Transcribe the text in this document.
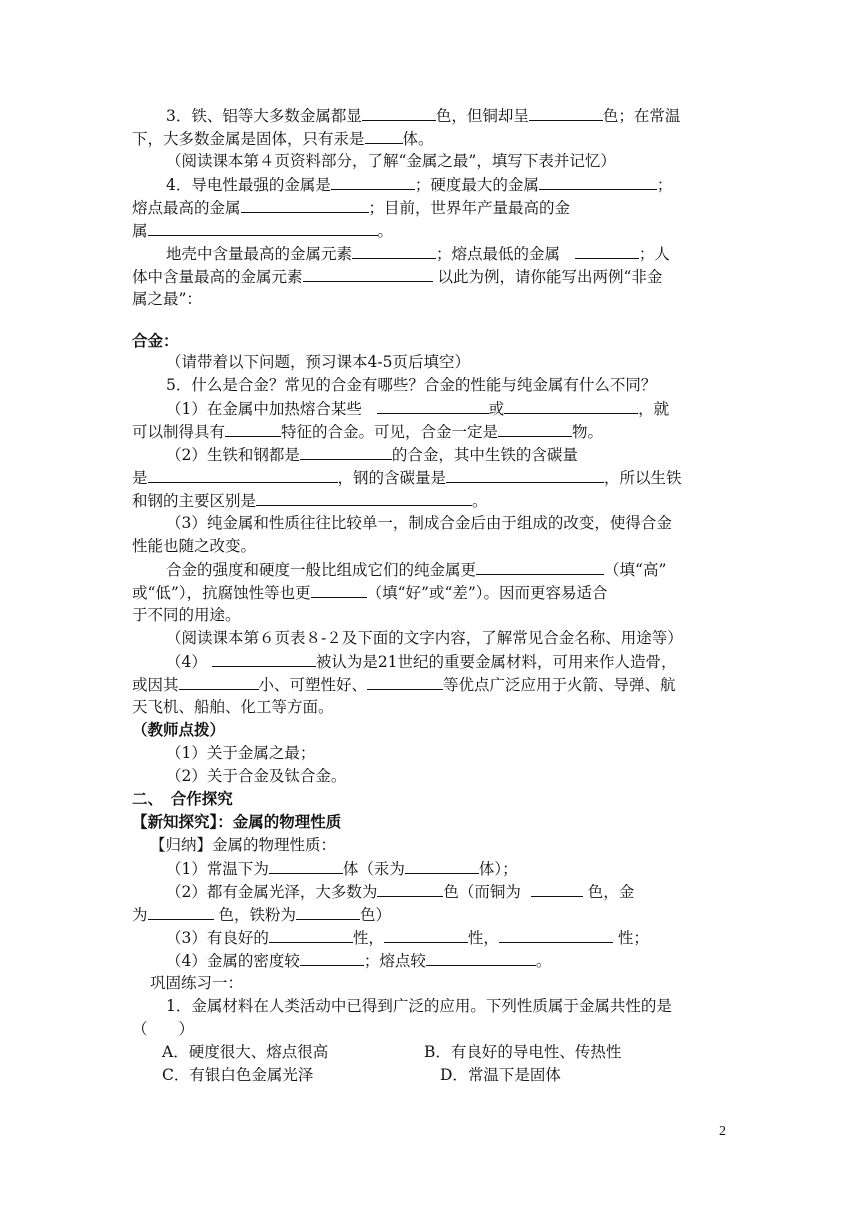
3．铁、铝等大多数金属都显	色，但铜却呈	色；在常温
下，大多数金属是固体，只有汞是 体。
（阅读课本第４页资料部分，了解“金属之最”，填写下表并记忆）
4．导电性最强的金属是	；硬度最大的金属	；
熔点最高的金属	；目前，世界年产量最高的金
属	。
地壳中含量最高的金属元素	；熔点最低的金属	；人
体中含量最高的金属元素	以此为例，请你能写出两例“非金
属之最”：
合金：
（请带着以下问题，预习课本4-5页后填空）
5．什么是合金？常见的合金有哪些？合金的性能与纯金属有什么不同？
（1）在金属中加热熔合某些	或	，就
可以制得具有	特征的合金。可见，合金一定是	物。
（2）生铁和钢都是	的合金，其中生铁的含碳量
是	，钢的含碳量是	，所以生铁
和钢的主要区别是	。
（3）纯金属和性质往往比较单一，制成合金后由于组成的改变，使得合金
性能也随之改变。
合金的强度和硬度一般比组成它们的纯金属更	（填“高”
或“低”），抗腐蚀性等也更	（填“好”或“差”）。因而更容易适合
于不同的用途。
（阅读课本第６页表８-２及下面的文字内容，了解常见合金名称、用途等）
（4）	被认为是21世纪的重要金属材料，可用来作人造骨，
或因其	小、可塑性好、	等优点广泛应用于火箭、导弹、航
天飞机、船舶、化工等方面。
（教师点拨）
（1）关于金属之最；
（2）关于合金及钛合金。
二、　合作探究
【新知探究】：金属的物理性质
【归纳】金属的物理性质：
（1）常温下为	体（汞为	体）；
（2）都有金属光泽，大多数为	色（而铜为	色，金
为	色，铁粉为	色）
（3）有良好的	性，	性，	性；
（4）金属的密度较	；熔点较	。
巩固练习一：
1．金属材料在人类活动中已得到广泛的应用。下列性质属于金属共性的是
（　　）
A．硬度很大、熔点很高	B．有良好的导电性、传热性
C．有银白色金属光泽	D．常温下是固体
2
